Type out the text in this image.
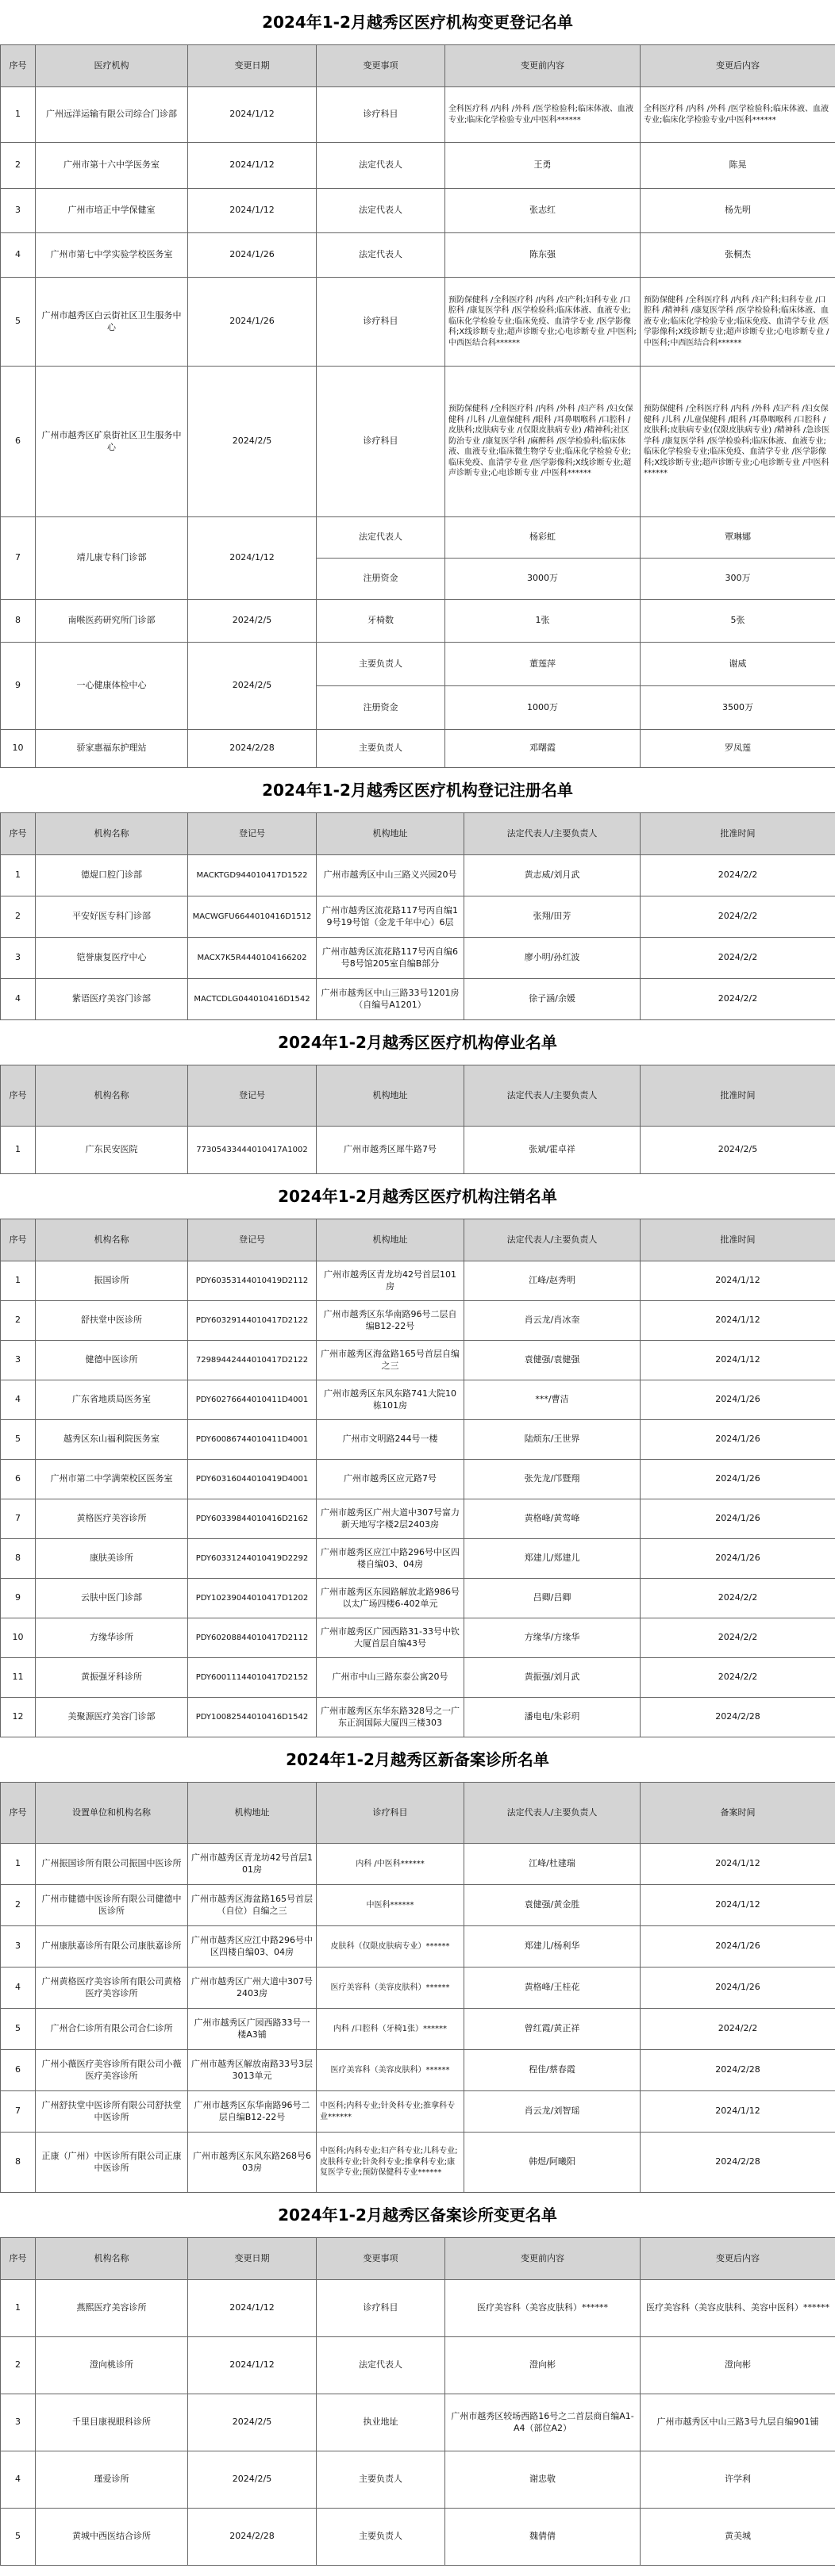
2024年1-2月越秀区医疗机构变更登记名单
序号	医疗机构	变更日期	变更事项	变更前内容	变更后内容
1	广州远洋运输有限公司综合门诊部	2024/1/12	诊疗科目	全科医疗科 /内科 /外科 /医学检验科;临床体液、血液专业;临床化学检验专业/中医科******	全科医疗科 /内科 /外科 /医学检验科;临床体液、血液专业;临床化学检验专业/中医科******
2	广州市第十六中学医务室	2024/1/12	法定代表人	王勇	陈晃
3	广州市培正中学保健室	2024/1/12	法定代表人	张志红	杨先明
4	广州市第七中学实验学校医务室	2024/1/26	法定代表人	陈东强	张桐杰
5	广州市越秀区白云街社区卫生服务中心	2024/1/26	诊疗科目	预防保健科 /全科医疗科 /内科 /妇产科;妇科专业 /口腔科 /康复医学科 /医学检验科;临床体液、血液专业;临床化学检验专业;临床免疫、血清学专业 /医学影像科;X线诊断专业;超声诊断专业;心电诊断专业 /中医科;中西医结合科******	预防保健科 /全科医疗科 /内科 /妇产科;妇科专业 /口腔科 /精神科 /康复医学科 /医学检验科;临床体液、血液专业;临床化学检验专业;临床免疫、血清学专业 /医学影像科;X线诊断专业;超声诊断专业;心电诊断专业 /中医科;中西医结合科******
6	广州市越秀区矿泉街社区卫生服务中心	2024/2/5	诊疗科目	预防保健科 /全科医疗科 /内科 /外科 /妇产科 /妇女保健科 /儿科 /儿童保健科 /眼科 /耳鼻咽喉科 /口腔科 /皮肤科;皮肤病专业 /(仅限皮肤病专业) /精神科;社区防治专业 /康复医学科 /麻醉科 /医学检验科;临床体液、血液专业;临床微生物学专业;临床化学检验专业;临床免疫、血清学专业 /医学影像科;X线诊断专业;超声诊断专业;心电诊断专业 /中医科******	预防保健科 /全科医疗科 /内科 /外科 /妇产科 /妇女保健科 /儿科 /儿童保健科 /眼科 /耳鼻咽喉科 /口腔科 /皮肤科;皮肤病专业(仅限皮肤病专业) /精神科 /急诊医学科 /康复医学科 /医学检验科;临床体液、血液专业;临床化学检验专业;临床免疫、血清学专业 /医学影像科;X线诊断专业;超声诊断专业;心电诊断专业 /中医科******
7	靖儿康专科门诊部	2024/1/12	法定代表人	杨彩虹	覃琳娜
			注册资金	3000万	300万
8	南喉医药研究所门诊部	2024/2/5	牙椅数	1张	5张
9	一心健康体检中心	2024/2/5	主要负责人	董莲萍	谢威
			注册资金	1000万	3500万
10	骄家惠福东护理站	2024/2/28	主要负责人	邓曙霞	罗凤莲
2024年1-2月越秀区医疗机构登记注册名单
序号	机构名称	登记号	机构地址	法定代表人/主要负责人	批准时间
1	德焜口腔门诊部	MACKTGD944010417D1522	广州市越秀区中山三路义兴园20号	黄志威/刘月武	2024/2/2
2	平安好医专科门诊部	MACWGFU6644010416D1512	广州市越秀区流花路117号丙自编19号19号馆（金龙千年中心）6层	张翔/田芳	2024/2/2
3	铠誉康复医疗中心	MACX7K5R4440104166202	广州市越秀区流花路117号丙自编6号8号馆205室自编B部分	廖小明/孙红波	2024/2/2
4	紫语医疗美容门诊部	MACTCDLG044010416D1542	广州市越秀区中山三路33号1201房（自编号A1201）	徐子涵/余媛	2024/2/2
2024年1-2月越秀区医疗机构停业名单
序号	机构名称	登记号	机构地址	法定代表人/主要负责人	批准时间
1	广东民安医院	77305433444010417A1002	广州市越秀区犀牛路7号	张斌/霍卓祥	2024/2/5
2024年1-2月越秀区医疗机构注销名单
序号	机构名称	登记号	机构地址	法定代表人/主要负责人	批准时间
1	振国诊所	PDY60353144010419D2112	广州市越秀区青龙坊42号首层101房	江峰/赵秀明	2024/1/12
2	舒扶堂中医诊所	PDY60329144010417D2122	广州市越秀区东华南路96号二层自编B12-22号	肖云龙/肖冰奎	2024/1/12
3	健德中医诊所	72989442444010417D2122	广州市越秀区海盆路165号首层自编之三	袁健强/袁健强	2024/1/12
4	广东省地质局医务室	PDY60276644010411D4001	广州市越秀区东风东路741大院10栋101房	***/曹洁	2024/1/26
5	越秀区东山福利院医务室	PDY60086744010411D4001	广州市文明路244号一楼	陆烦东/王世界	2024/1/26
6	广州市第二中学满荣校区医务室	PDY60316044010419D4001	广州市越秀区应元路7号	张先龙/邝暨翔	2024/1/26
7	黄格医疗美容诊所	PDY60339844010416D2162	广州市越秀区广州大道中307号富力新天地写字楼2层2403房	黄格峰/黄莺峰	2024/1/26
8	康肤美诊所	PDY60331244010419D2292	广州市越秀区应江中路296号中区四楼自编03、04房	郑建儿/郑建儿	2024/1/26
9	云肤中医门诊部	PDY10239044010417D1202	广州市越秀区东园路解放北路986号以太广场四楼6-402单元	吕卿/吕卿	2024/2/2
10	方缘华诊所	PDY60208844010417D2112	广州市越秀区广园西路31-33号中钦大厦首层自编43号	方缘华/方缘华	2024/2/2
11	黄振强牙科诊所	PDY60011144010417D2152	广州市中山三路东泰公寓20号	黄振强/刘月武	2024/2/2
12	美聚源医疗美容门诊部	PDY10082544010416D1542	广州市越秀区东华东路328号之一广东正润国际大厦四三楼303	潘电电/朱彩玥	2024/2/28
2024年1-2月越秀区新备案诊所名单
序号	设置单位和机构名称	机构地址	诊疗科目	法定代表人/主要负责人	备案时间
1	广州振国诊所有限公司振国中医诊所	广州市越秀区青龙坊42号首层101房	内科 /中医科******	江峰/杜建瑞	2024/1/12
2	广州市健德中医诊所有限公司健德中医诊所	广州市越秀区海盆路165号首层（自位）自编之三	中医科******	袁健强/黄金胜	2024/1/12
3	广州康肤嘉诊所有限公司康肤嘉诊所	广州市越秀区应江中路296号中区四楼自编03、04房	皮肤科（仅限皮肤病专业）******	郑建儿/杨利华	2024/1/26
4	广州黄格医疗美容诊所有限公司黄格医疗美容诊所	广州市越秀区广州大道中307号2403房	医疗美容科（美容皮肤科）******	黄格峰/王桂花	2024/1/26
5	广州合仁诊所有限公司合仁诊所	广州市越秀区广园西路33号一楼A3铺	内科 /口腔科（牙椅1张）******	曾红霞/黄正祥	2024/2/2
6	广州小薇医疗美容诊所有限公司小薇医疗美容诊所	广州市越秀区解放南路33号3层3013单元	医疗美容科（美容皮肤科）******	程佳/蔡春霞	2024/2/28
7	广州舒扶堂中医诊所有限公司舒扶堂中医诊所	广州市越秀区东华南路96号二层自编B12-22号	中医科;内科专业;针灸科专业;推拿科专业******	肖云龙/刘智瑶	2024/1/12
8	正康（广州）中医诊所有限公司正康中医诊所	广州市越秀区东风东路268号603房	中医科;内科专业;妇产科专业;儿科专业;皮肤科专业;针灸科专业;推拿科专业;康复医学专业;预防保健科专业******	韩煜/阿曦阳	2024/2/28
2024年1-2月越秀区备案诊所变更名单
序号	机构名称	变更日期	变更事项	变更前内容	变更后内容
1	燕熙医疗美容诊所	2024/1/12	诊疗科目	医疗美容科（美容皮肤科）******	医疗美容科（美容皮肤科、美容中医科）******
2	澄向桃诊所	2024/1/12	法定代表人	澄向彬	澄向彬
3	千里目康视眼科诊所	2024/2/5	执业地址	广州市越秀区较场西路16号之二首层商自编A1-A4（部位A2）	广州市越秀区中山三路3号九层自编901铺
4	瑾爱诊所	2024/2/5	主要负责人	谢忠敬	许学利
5	黄城中西医结合诊所	2024/2/28	主要负责人	魏倩倩	黄美城
